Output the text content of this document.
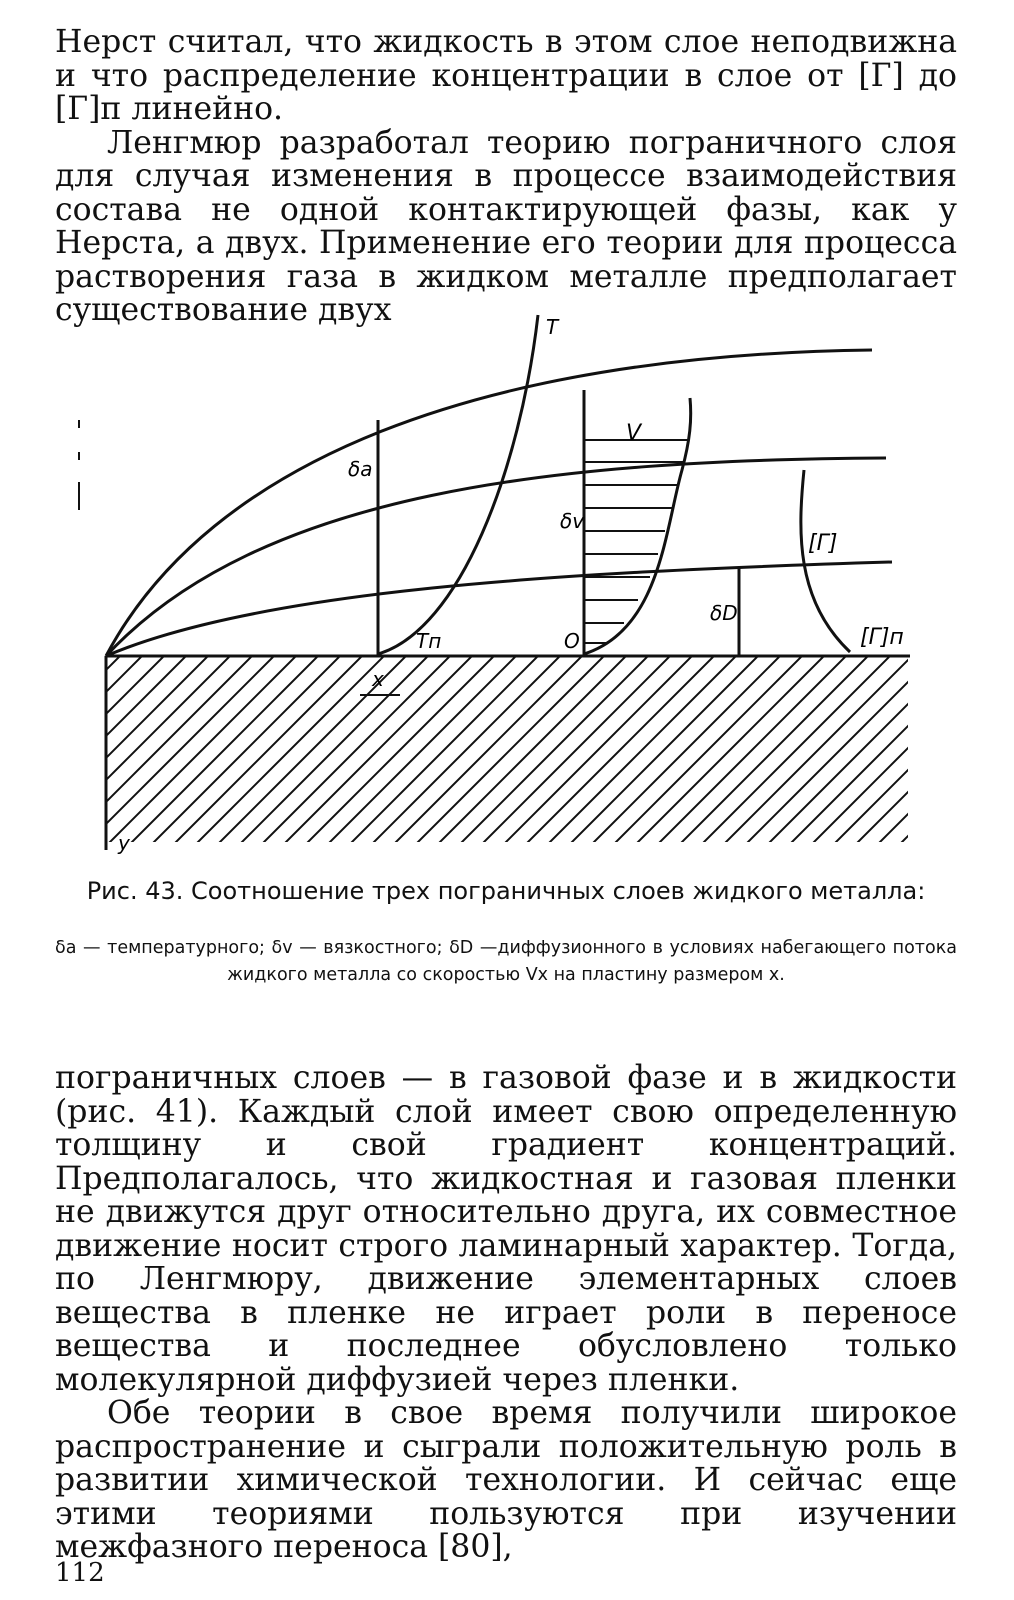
Нерст считал, что жидкость в этом слое неподвижна и что распределение концентрации в слое от [Г] до [Г]п линейно.

Ленгмюр разработал теорию пограничного слоя для случая изменения в процессе взаимодействия состава не одной контактирующей фазы, как у Нерста, а двух. Применение его теории для процесса растворения газа в жидком металле предполагает существование двух	T
δa
V
δv
[Г]
δD
Tп	O	[Г]п
x
y
Рис. 43. Соотношение трех пограничных слоев жидкого металла:
δa — температурного; δv — вязкостного; δD —диффузионного в условиях набегающего потока жидкого металла со скоростью Vx на пластину размером x.

пограничных слоев — в газовой фазе и в жидкости (рис. 41). Каждый слой имеет свою определенную толщину и свой градиент концентраций. Предполагалось, что жидкостная и газовая пленки не движутся друг относительно друга, их совместное движение носит строго ламинарный характер. Тогда, по Ленгмюру, движение элементарных слоев вещества в пленке не играет роли в переносе вещества и последнее обусловлено только молекулярной диффузией через пленки.

Обе теории в свое время получили широкое распространение и сыграли положительную роль в развитии химической технологии. И сейчас еще этими теориями пользуются при изучении межфазного переноса [80],

112
